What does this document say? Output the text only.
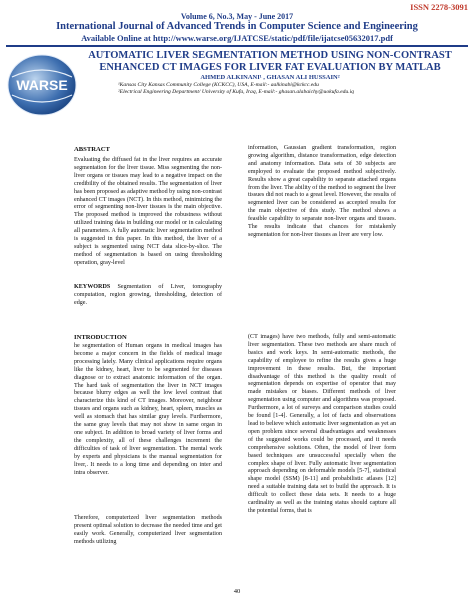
ISSN 2278-3091
Volume 6, No.3, May - June 2017
International Journal of Advanced Trends in Computer Science and Engineering
Available Online at http://www.warse.org/IJATCSE/static/pdf/file/ijatcse05632017.pdf
WARSE
AUTOMATIC LIVER SEGMENTATION METHOD USING NON-CONTRAST ENHANCED CT IMAGES FOR LIVER FAT EVALUATION BY MATLAB
AHMED ALKINANI¹ , GHASAN ALI HUSSAIN²
¹Kansas City Kansas Community College (KCKCC), USA, E-mail:- aalkinabi@kckcc.edu
²Electrical Engineering Department/ University of Kufa, Iraq, E-mail:- ghasan.alabaichy@uokufa.edu.iq
ABSTRACT

Evaluating the diffused fat in the liver requires an accurate segmentation for the liver tissue. Miss segmenting the non-liver organs or tissues may lead to a negative impact on the credibility of the obtained results. The segmentation of liver has been proposed as adaptive method by using non-contrast enhanced CT images (NCT). In this method, minimizing the error of segmenting non-liver tissues is the main objective. The proposed method is improved the robustness without utilized training data in building our model or in calculating all parameters. A fully automatic liver segmentation method is suggested in this paper. In this method, the liver of a subject is segmented using NCT data slice-by-slice. The method of segmentation is based on using thresholding operation, gray-level

KEYWORDS Segmentation of Liver, tomography computation, region growing, thresholding, detection of edge.

information, Gaussian gradient transformation, region growing algorithm, distance transformation, edge detection and anatomy information. Data sets of 30 subjects are employed to evaluate the proposed method subjectively. Results show a great capability to separate attached organs from the liver. The ability of the method to segment the liver tissues did not reach to a great level. However, the results of segmented liver can be considered as accepted results for the main objective of this study. The method shows a feasible capability to separate non-liver organs and tissues. The results indicate that chances for mistakenly segmentation for non-liver tissues as liver are very low.

INTRODUCTION

he segmentation of Human organs in medical images has become a major concern in the fields of medical image processing lately. Many clinical applications require organs like the kidney, heart, liver to be segmented for diseases diagnose or to extract anatomic information of the organ. The hard task of segmentation the liver in NCT images because blurry edges as well the low level contrast that characterize this kind of CT images. Moreover, neighbour tissues and organs such as kidney, heart, spleen, muscles as well as stomach that has similar gray levels. Furthermore, the same gray levels that may not show in same organ in one subject. In addition to broad variety of liver forms and the complexity, all of these challenges increment the difficulties of task of liver segmentation. The mental work by experts and physicians is the manual segmentation for liver,. It needs to a long time and depending on inter and intra observer.

Therefore, computerized liver segmentation methods present optimal solution to decrease the needed time and get easily work. Generally, computerized liver segmentation methods utilizing

(CT images) have two methods, fully and semi-automatic liver segmentation. These two methods are share much of basics and work keys. In semi-automatic methods, the capability of employee to refine the results gives a huge improvement in these results. But, the important disadvantage of this method is the quality result of segmentation depends on expertise of operator that may made mistakes or biases. Different methods of liver segmentation using computer and algorithms was proposed. Furthermore, a lot of surveys and comparison studies could be found [1-4]. Generally, a lot of facts and observations lead to believe which automatic liver segmentation as yet an open problem since several disadvantages and weaknesses of the suggested works could be processed, and it needs comprehensive solutions. Often, the model of liver form based techniques are unsuccessful specially when the complex shape of liver. Fully automatic liver segmentation approach depending on deformable models [5-7], statistical shape model (SSM) [8-11] and probabilistic atlases [12] need a suitable training data set to build the approach. It is difficult to collect these data sets. It needs to a huge cardinality as well as the training status should capture all the potential forms, that is

40
